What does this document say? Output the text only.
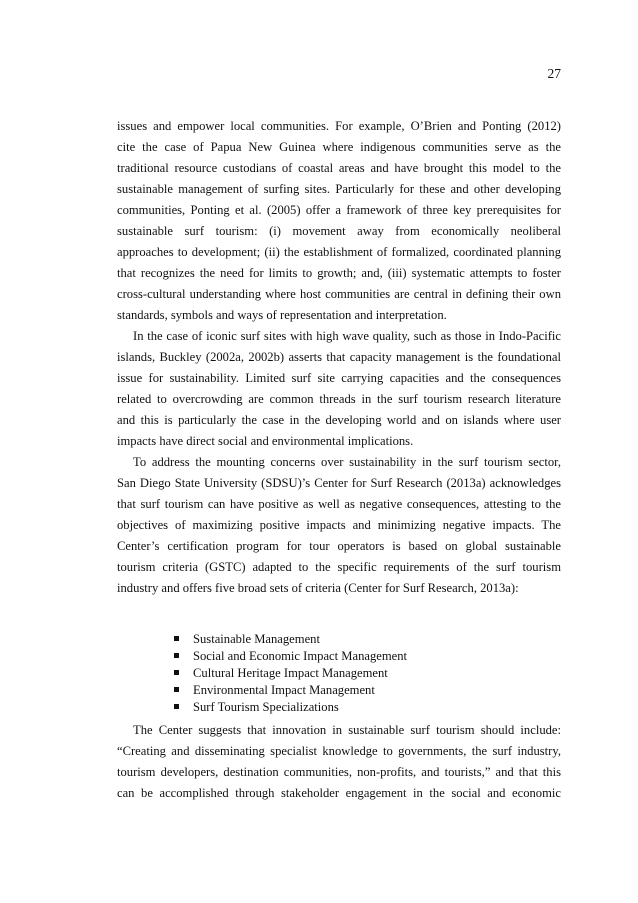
27
issues and empower local communities. For example, O’Brien and Ponting (2012)
cite the case of Papua New Guinea where indigenous communities serve as the
traditional resource custodians of coastal areas and have brought this model to the
sustainable management of surfing sites. Particularly for these and other developing
communities, Ponting et al. (2005) offer a framework of three key prerequisites for
sustainable surf tourism: (i) movement away from economically neoliberal
approaches to development; (ii) the establishment of formalized, coordinated planning
that recognizes the need for limits to growth; and, (iii) systematic attempts to foster
cross-cultural understanding where host communities are central in defining their own
standards, symbols and ways of representation and interpretation.
In the case of iconic surf sites with high wave quality, such as those in Indo-Pacific
islands, Buckley (2002a, 2002b) asserts that capacity management is the foundational
issue for sustainability. Limited surf site carrying capacities and the consequences
related to overcrowding are common threads in the surf tourism research literature
and this is particularly the case in the developing world and on islands where user
impacts have direct social and environmental implications.
To address the mounting concerns over sustainability in the surf tourism sector,
San Diego State University (SDSU)’s Center for Surf Research (2013a) acknowledges
that surf tourism can have positive as well as negative consequences, attesting to the
objectives of maximizing positive impacts and minimizing negative impacts. The
Center’s certification program for tour operators is based on global sustainable
tourism criteria (GSTC) adapted to the specific requirements of the surf tourism
industry and offers five broad sets of criteria (Center for Surf Research, 2013a):
Sustainable Management
Social and Economic Impact Management
Cultural Heritage Impact Management
Environmental Impact Management
Surf Tourism Specializations
The Center suggests that innovation in sustainable surf tourism should include:
“Creating and disseminating specialist knowledge to governments, the surf industry,
tourism developers, destination communities, non-profits, and tourists,” and that this
can be accomplished through stakeholder engagement in the social and economic
